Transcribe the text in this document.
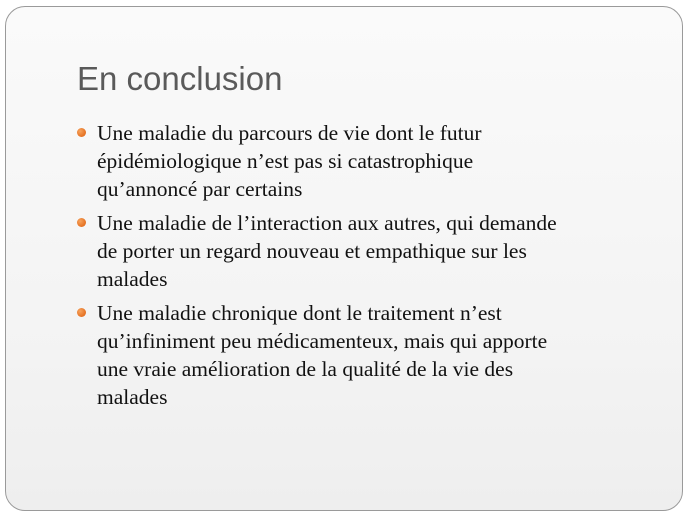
En conclusion
Une maladie du parcours de vie dont le futur
épidémiologique n’est pas si catastrophique
qu’annoncé par certains
Une maladie de l’interaction aux autres, qui demande
de porter un regard nouveau et empathique sur les
malades
Une maladie chronique dont le traitement n’est
qu’infiniment peu médicamenteux, mais qui apporte
une vraie amélioration de la qualité de la vie des
malades
